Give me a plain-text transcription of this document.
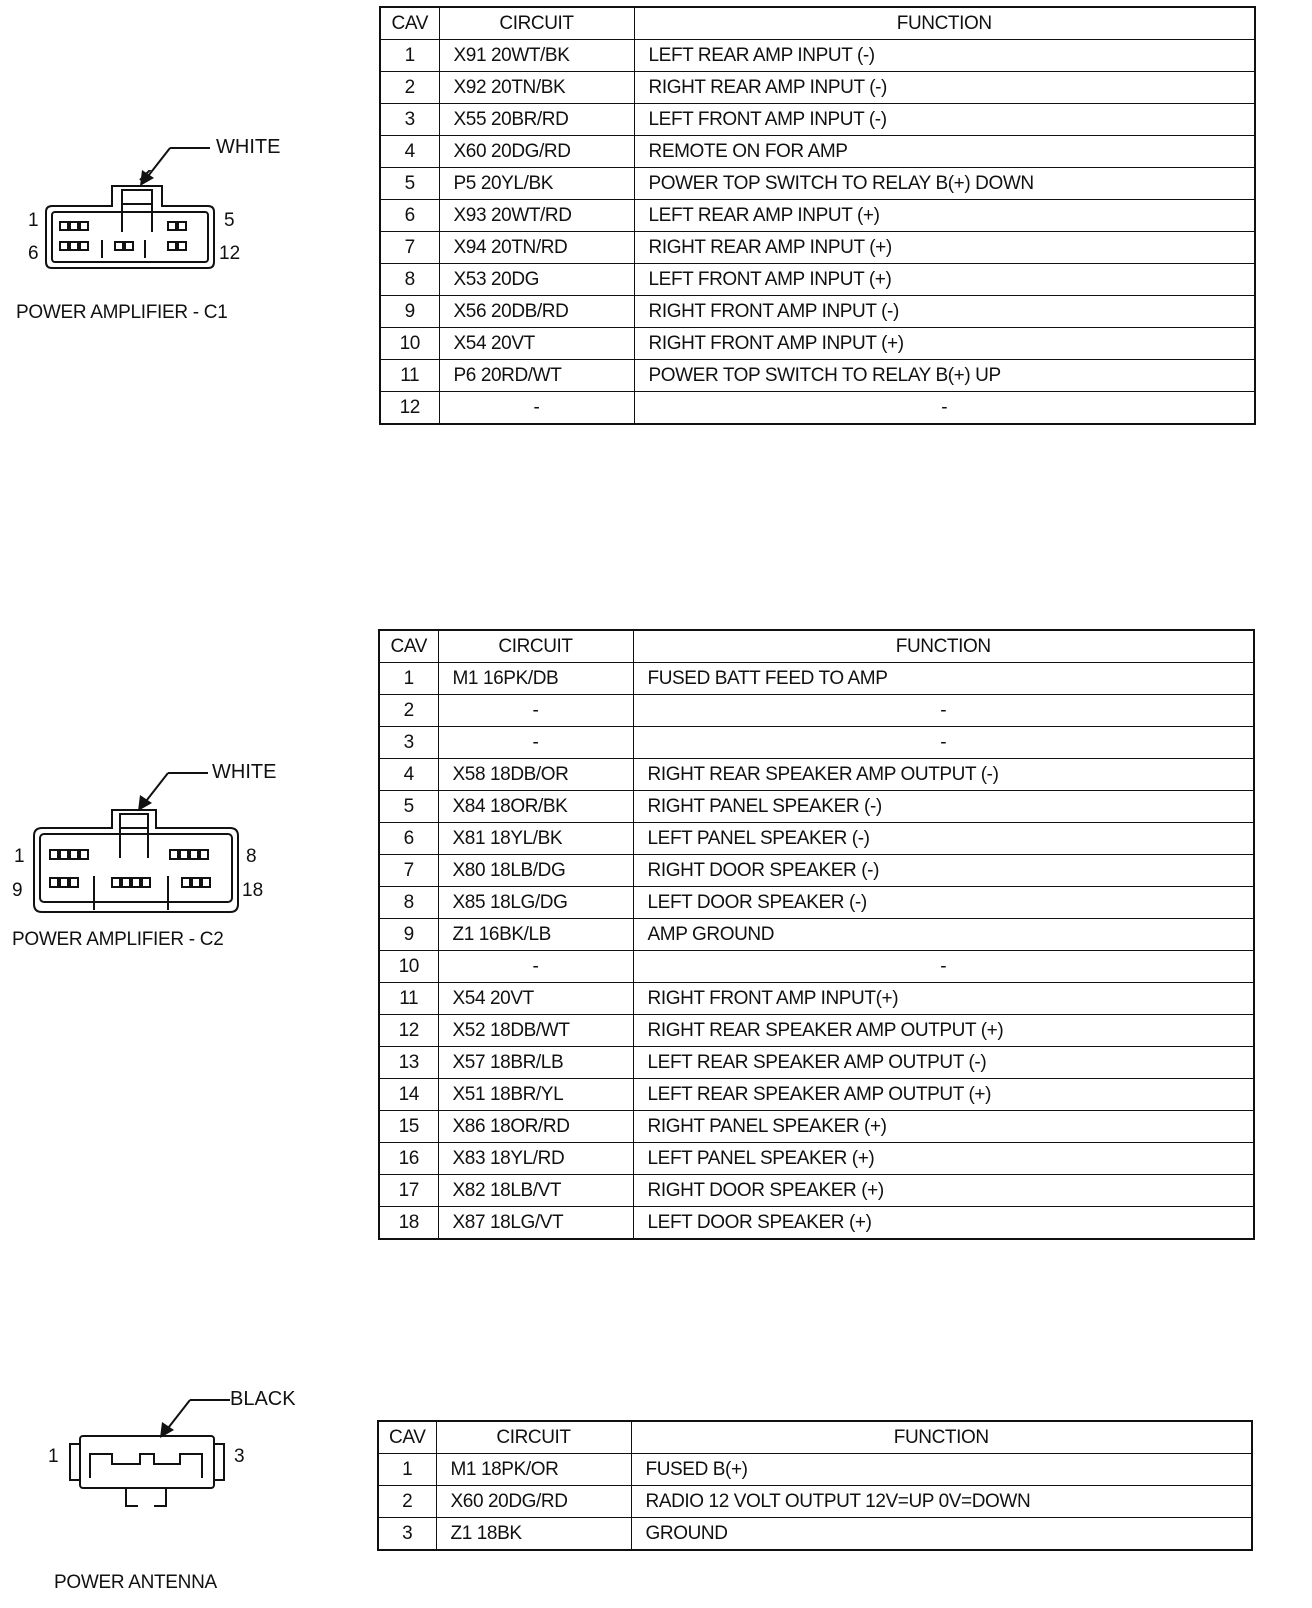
WHITE
1	5
6	12
POWER AMPLIFIER - C1
CAV	CIRCUIT	FUNCTION
1	X91 20WT/BK	LEFT REAR AMP INPUT (-)
2	X92 20TN/BK	RIGHT REAR AMP INPUT (-)
3	X55 20BR/RD	LEFT FRONT AMP INPUT (-)
4	X60 20DG/RD	REMOTE ON FOR AMP
5	P5 20YL/BK	POWER TOP SWITCH TO RELAY B(+) DOWN
6	X93 20WT/RD	LEFT REAR AMP INPUT (+)
7	X94 20TN/RD	RIGHT REAR AMP INPUT (+)
8	X53 20DG	LEFT FRONT AMP INPUT (+)
9	X56 20DB/RD	RIGHT FRONT AMP INPUT (-)
10	X54 20VT	RIGHT FRONT AMP INPUT (+)
11	P6 20RD/WT	POWER TOP SWITCH TO RELAY B(+) UP
12	-	-
WHITE
1	8
9	18
POWER AMPLIFIER - C2
CAV	CIRCUIT	FUNCTION
1	M1 16PK/DB	FUSED BATT FEED TO AMP
2	-	-
3	-	-
4	X58 18DB/OR	RIGHT REAR SPEAKER AMP OUTPUT (-)
5	X84 18OR/BK	RIGHT PANEL SPEAKER (-)
6	X81 18YL/BK	LEFT PANEL SPEAKER (-)
7	X80 18LB/DG	RIGHT DOOR SPEAKER (-)
8	X85 18LG/DG	LEFT DOOR SPEAKER (-)
9	Z1 16BK/LB	AMP GROUND
10	-	-
11	X54 20VT	RIGHT FRONT AMP INPUT(+)
12	X52 18DB/WT	RIGHT REAR SPEAKER AMP OUTPUT (+)
13	X57 18BR/LB	LEFT REAR SPEAKER AMP OUTPUT (-)
14	X51 18BR/YL	LEFT REAR SPEAKER AMP OUTPUT (+)
15	X86 18OR/RD	RIGHT PANEL SPEAKER (+)
16	X83 18YL/RD	LEFT PANEL SPEAKER (+)
17	X82 18LB/VT	RIGHT DOOR SPEAKER (+)
18	X87 18LG/VT	LEFT DOOR SPEAKER (+)
BLACK
1	3
POWER ANTENNA
CAV	CIRCUIT	FUNCTION
1	M1 18PK/OR	FUSED B(+)
2	X60 20DG/RD	RADIO 12 VOLT OUTPUT 12V=UP 0V=DOWN
3	Z1 18BK	GROUND
